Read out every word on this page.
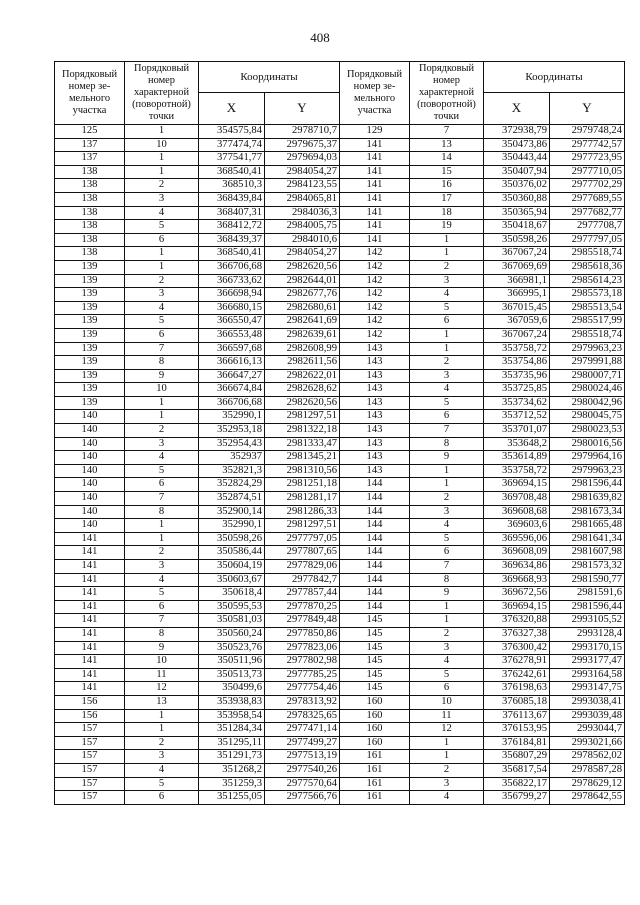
408
Порядковый номер зе-мельного участка	Порядковый номер характерной (поворотной) точки	Координаты		Порядковый номер зе-мельного участка	Порядковый номер характерной (поворотной) точки	Координаты	
		X	Y			X	Y
125	1	354575,84	2978710,7	129	7	372938,79	2979748,24
137	10	377474,74	2979675,37	141	13	350473,86	2977742,57
137	1	377541,77	2979694,03	141	14	350443,44	2977723,95
138	1	368540,41	2984054,27	141	15	350407,94	2977710,05
138	2	368510,3	2984123,55	141	16	350376,02	2977702,29
138	3	368439,84	2984065,81	141	17	350360,88	2977689,55
138	4	368407,31	2984036,3	141	18	350365,94	2977682,77
138	5	368412,72	2984005,75	141	19	350418,67	2977708,7
138	6	368439,37	2984010,6	141	1	350598,26	2977797,05
138	1	368540,41	2984054,27	142	1	367067,24	2985518,74
139	1	366706,68	2982620,56	142	2	367069,69	2985618,36
139	2	366733,62	2982644,01	142	3	366981,1	2985614,23
139	3	366698,94	2982677,76	142	4	366995,1	2985573,18
139	4	366680,15	2982680,61	142	5	367015,45	2985513,54
139	5	366550,47	2982641,69	142	6	367059,6	2985517,99
139	6	366553,48	2982639,61	142	1	367067,24	2985518,74
139	7	366597,68	2982608,99	143	1	353758,72	2979963,23
139	8	366616,13	2982611,56	143	2	353754,86	2979991,88
139	9	366647,27	2982622,01	143	3	353735,96	2980007,71
139	10	366674,84	2982628,62	143	4	353725,85	2980024,46
139	1	366706,68	2982620,56	143	5	353734,62	2980042,96
140	1	352990,1	2981297,51	143	6	353712,52	2980045,75
140	2	352953,18	2981322,18	143	7	353701,07	2980023,53
140	3	352954,43	2981333,47	143	8	353648,2	2980016,56
140	4	352937	2981345,21	143	9	353614,89	2979964,16
140	5	352821,3	2981310,56	143	1	353758,72	2979963,23
140	6	352824,29	2981251,18	144	1	369694,15	2981596,44
140	7	352874,51	2981281,17	144	2	369708,48	2981639,82
140	8	352900,14	2981286,33	144	3	369608,68	2981673,34
140	1	352990,1	2981297,51	144	4	369603,6	2981665,48
141	1	350598,26	2977797,05	144	5	369596,06	2981641,34
141	2	350586,44	2977807,65	144	6	369608,09	2981607,98
141	3	350604,19	2977829,06	144	7	369634,86	2981573,32
141	4	350603,67	2977842,7	144	8	369668,93	2981590,77
141	5	350618,4	2977857,44	144	9	369672,56	2981591,6
141	6	350595,53	2977870,25	144	1	369694,15	2981596,44
141	7	350581,03	2977849,48	145	1	376320,88	2993105,52
141	8	350560,24	2977850,86	145	2	376327,38	2993128,4
141	9	350523,76	2977823,06	145	3	376300,42	2993170,15
141	10	350511,96	2977802,98	145	4	376278,91	2993177,47
141	11	350513,73	2977785,25	145	5	376242,61	2993164,58
141	12	350499,6	2977754,46	145	6	376198,63	2993147,75
156	13	353938,83	2978313,92	160	10	376085,18	2993038,41
156	1	353958,54	2978325,65	160	11	376113,67	2993039,48
157	1	351284,34	2977471,14	160	12	376153,95	2993044,7
157	2	351295,11	2977499,27	160	1	376184,81	2993021,66
157	3	351291,73	2977513,19	161	1	356807,29	2978562,02
157	4	351268,2	2977540,26	161	2	356817,54	2978587,28
157	5	351259,3	2977570,64	161	3	356822,17	2978629,12
157	6	351255,05	2977566,76	161	4	356799,27	2978642,55
